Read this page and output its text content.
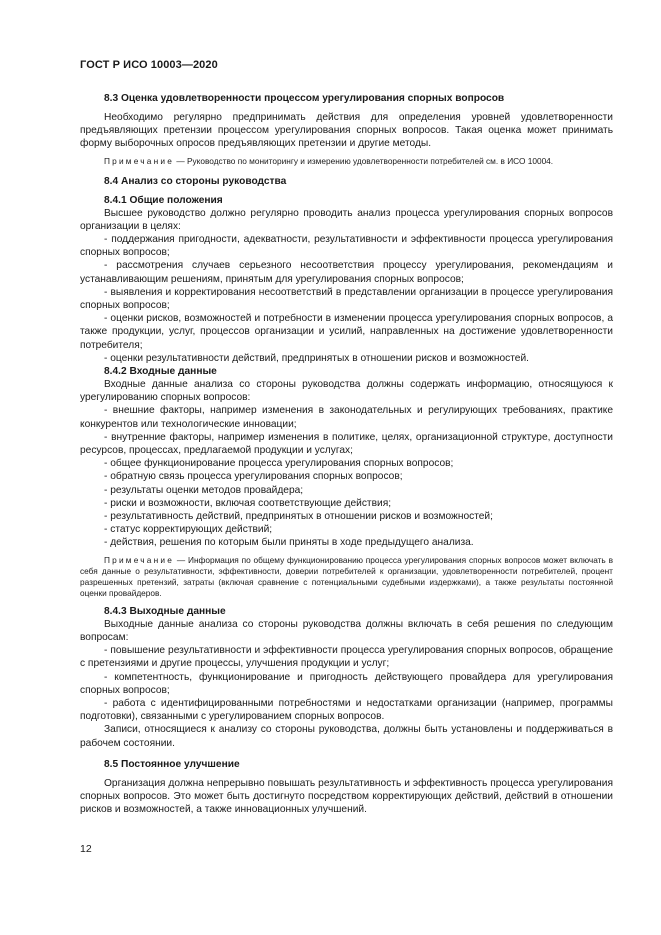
ГОСТ Р ИСО 10003—2020
8.3 Оценка удовлетворенности процессом урегулирования спорных вопросов

Необходимо регулярно предпринимать действия для определения уровней удовлетворенности предъявляющих претензии процессом урегулирования спорных вопросов. Такая оценка может принимать форму выборочных опросов предъявляющих претензии и другие методы.

Примечание — Руководство по мониторингу и измерению удовлетворенности потребителей см. в ИСО 10004.
8.4 Анализ со стороны руководства
8.4.1 Общие положения

Высшее руководство должно регулярно проводить анализ процесса урегулирования спорных вопросов организации в целях:

- поддержания пригодности, адекватности, результативности и эффективности процесса урегулирования спорных вопросов;

- рассмотрения случаев серьезного несоответствия процессу урегулирования, рекомендациям и устанавливающим решениям, принятым для урегулирования спорных вопросов;

- выявления и корректирования несоответствий в представлении организации в процессе урегулирования спорных вопросов;

- оценки рисков, возможностей и потребности в изменении процесса урегулирования спорных вопросов, а также продукции, услуг, процессов организации и усилий, направленных на достижение удовлетворенности потребителя;

- оценки результативности действий, предпринятых в отношении рисков и возможностей.

8.4.2 Входные данные

Входные данные анализа со стороны руководства должны содержать информацию, относящуюся к урегулированию спорных вопросов:

- внешние факторы, например изменения в законодательных и регулирующих требованиях, практике конкурентов или технологические инновации;

- внутренние факторы, например изменения в политике, целях, организационной структуре, доступности ресурсов, процессах, предлагаемой продукции и услугах;

- общее функционирование процесса урегулирования спорных вопросов;

- обратную связь процесса урегулирования спорных вопросов;

- результаты оценки методов провайдера;

- риски и возможности, включая соответствующие действия;

- результативность действий, предпринятых в отношении рисков и возможностей;

- статус корректирующих действий;

- действия, решения по которым были приняты в ходе предыдущего анализа.

Примечание — Информация по общему функционированию процесса урегулирования спорных вопросов может включать в себя данные о результативности, эффективности, доверии потребителей к организации, удовлетворенности потребителей, процент разрешенных претензий, затраты (включая сравнение с потенциальными судебными издержками), а также результаты постоянной оценки провайдеров.
8.4.3 Выходные данные

Выходные данные анализа со стороны руководства должны включать в себя решения по следующим вопросам:

- повышение результативности и эффективности процесса урегулирования спорных вопросов, обращение с претензиями и другие процессы, улучшения продукции и услуг;

- компетентность, функционирование и пригодность действующего провайдера для урегулирования спорных вопросов;

- работа с идентифицированными потребностями и недостатками организации (например, программы подготовки), связанными с урегулированием спорных вопросов.

Записи, относящиеся к анализу со стороны руководства, должны быть установлены и поддерживаться в рабочем состоянии.

8.5 Постоянное улучшение

Организация должна непрерывно повышать результативность и эффективность процесса урегулирования спорных вопросов. Это может быть достигнуто посредством корректирующих действий, действий в отношении рисков и возможностей, а также инновационных улучшений.

12
